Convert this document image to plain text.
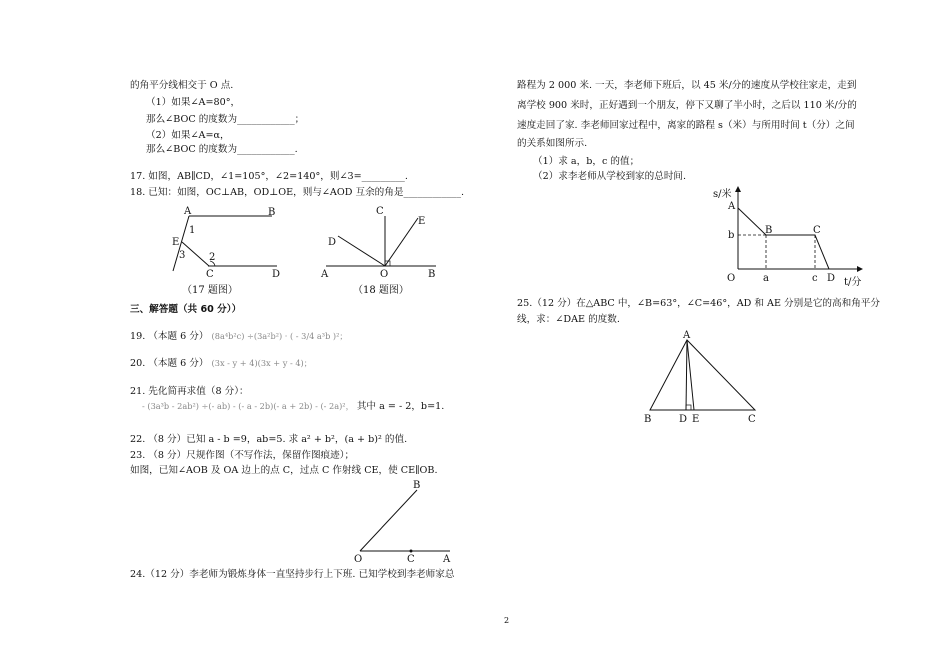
的角平分线相交于 O 点.
（1）如果∠A=80°，
那么∠BOC 的度数为____________；
（2）如果∠A=α，
那么∠BOC 的度数为____________.
17. 如图，AB∥CD，∠1=105°，∠2=140°，则∠3=_________.
18. 已知：如图，OC⊥AB，OD⊥OE，则与∠AOD 互余的角是____________.
A	B
E
1
3 2
C	D
（17 题图）
C
E
D
A	O	B
（18 题图）
三、解答题（共 60 分））
19. （本题 6 分） (8a⁴b²c) ÷(3a²b²) · ( - 3/4 a³b )²；
20. （本题 6 分） (3x - y + 4)(3x + y - 4)；
21. 先化简再求值（8 分）：
- (3a³b - 2ab²) ÷(- ab) - (- a - 2b)(- a + 2b) - (- 2a)²， 其中 a = - 2，b=1.
22. （8 分）已知 a - b =9，ab=5. 求 a² + b²，(a + b)² 的值.
23. （8 分）尺规作图（不写作法，保留作图痕迹）；
如图，已知∠AOB 及 OA 边上的点 C，过点 C 作射线 CE，使 CE∥OB.
B
O	C	A
24.（12 分）李老师为锻炼身体一直坚持步行上下班. 已知学校到李老师家总
路程为 2 000 米. 一天，李老师下班后，以 45 米/分的速度从学校往家走，走到
离学校 900 米时，正好遇到一个朋友，停下又聊了半小时，之后以 110 米/分的
速度走回了家. 李老师回家过程中，离家的路程 s（米）与所用时间 t（分）之间
的关系如图所示.
（1）求 a，b，c 的值；
（2）求李老师从学校到家的总时间.
s/米
t/分
A
b	B	C
O	a	c D
25.（12 分）在△ABC 中，∠B=63°，∠C=46°，AD 和 AE 分别是它的高和角平分
线，求：∠DAE 的度数.
A
B	D E	C
2
